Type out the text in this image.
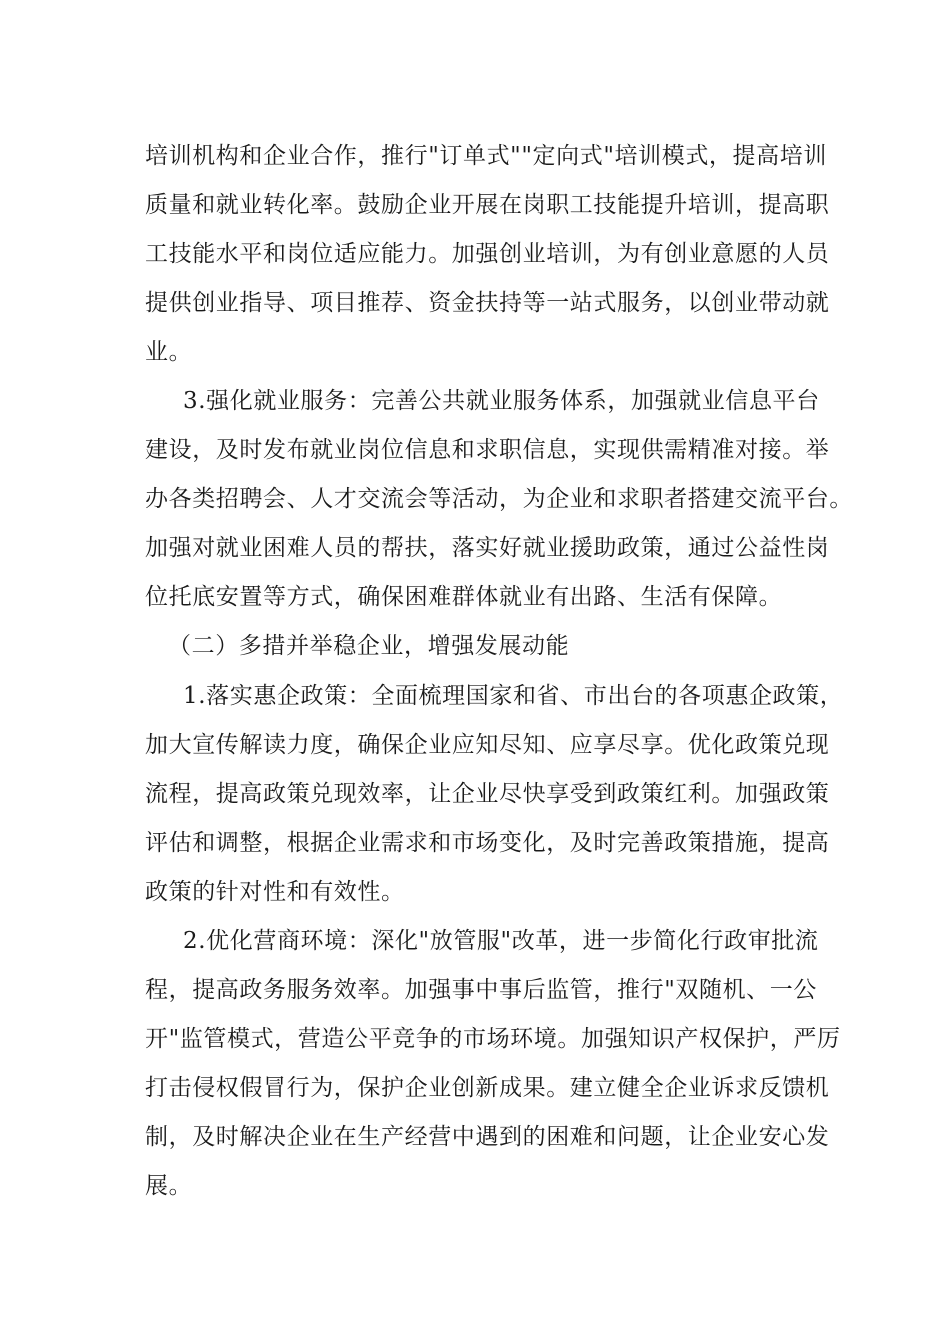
培训机构和企业合作，推行"订单式""定向式"培训模式，提高培训
质量和就业转化率。鼓励企业开展在岗职工技能提升培训，提高职
工技能水平和岗位适应能力。加强创业培训，为有创业意愿的人员
提供创业指导、项目推荐、资金扶持等一站式服务，以创业带动就
业。
3.强化就业服务：完善公共就业服务体系，加强就业信息平台
建设，及时发布就业岗位信息和求职信息，实现供需精准对接。举
办各类招聘会、人才交流会等活动，为企业和求职者搭建交流平台。
加强对就业困难人员的帮扶，落实好就业援助政策，通过公益性岗
位托底安置等方式，确保困难群体就业有出路、生活有保障。
（二）多措并举稳企业，增强发展动能
1.落实惠企政策：全面梳理国家和省、市出台的各项惠企政策，
加大宣传解读力度，确保企业应知尽知、应享尽享。优化政策兑现
流程，提高政策兑现效率，让企业尽快享受到政策红利。加强政策
评估和调整，根据企业需求和市场变化，及时完善政策措施，提高
政策的针对性和有效性。
2.优化营商环境：深化"放管服"改革，进一步简化行政审批流
程，提高政务服务效率。加强事中事后监管，推行"双随机、一公
开"监管模式，营造公平竞争的市场环境。加强知识产权保护，严厉
打击侵权假冒行为，保护企业创新成果。建立健全企业诉求反馈机
制，及时解决企业在生产经营中遇到的困难和问题，让企业安心发
展。
